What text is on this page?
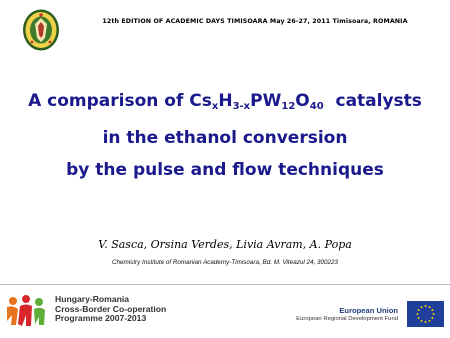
12th EDITION OF ACADEMIC DAYS TIMISOARA May 26-27, 2011 Timisoara, ROMANIA
A comparison of $Cs_xH_{3-x}PW_{12}O_{40}$  catalysts
in the ethanol conversion
by the pulse and flow techniques
V. Sasca, Orsina Verdes, Livia Avram, A. Popa
Chemistry Institute of Romanian Academy-Timisoara, Bd. M. Viteazul 24, 300223
Hungary-Romania
Cross-Border Co-operation
Programme 2007-2013
European Union
European Regional Development Fund
